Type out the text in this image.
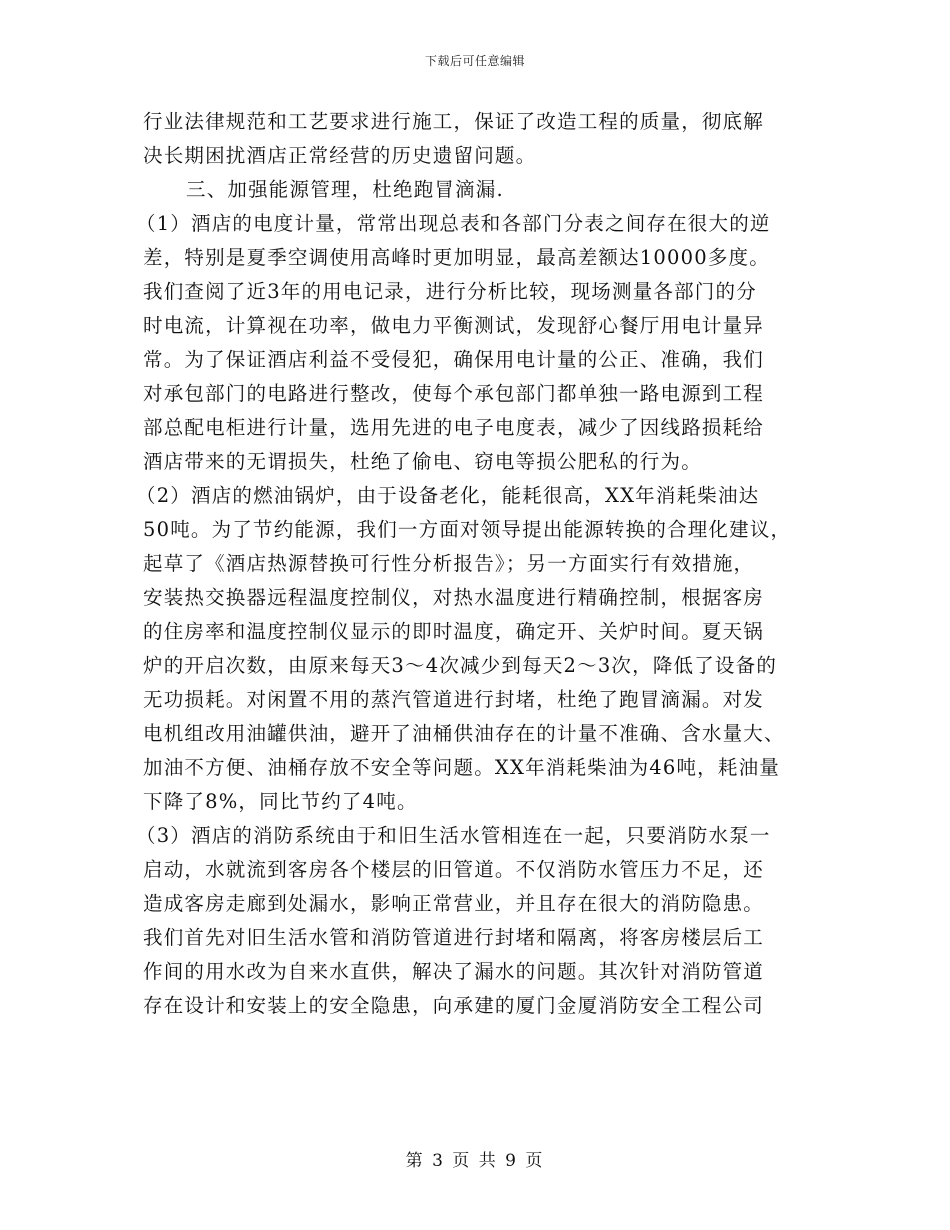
下载后可任意编辑
行业法律规范和工艺要求进行施工，保证了改造工程的质量，彻底解
决长期困扰酒店正常经营的历史遗留问题。
三、加强能源管理，杜绝跑冒滴漏.
（1）酒店的电度计量，常常出现总表和各部门分表之间存在很大的逆
差，特别是夏季空调使用高峰时更加明显，最高差额达10000多度。
我们查阅了近3年的用电记录，进行分析比较，现场测量各部门的分
时电流，计算视在功率，做电力平衡测试，发现舒心餐厅用电计量异
常。为了保证酒店利益不受侵犯，确保用电计量的公正、准确，我们
对承包部门的电路进行整改，使每个承包部门都单独一路电源到工程
部总配电柜进行计量，选用先进的电子电度表，减少了因线路损耗给
酒店带来的无谓损失，杜绝了偷电、窃电等损公肥私的行为。
（2）酒店的燃油锅炉，由于设备老化，能耗很高，XX年消耗柴油达
50吨。为了节约能源，我们一方面对领导提出能源转换的合理化建议，
起草了《酒店热源替换可行性分析报告》；另一方面实行有效措施，
安装热交换器远程温度控制仪，对热水温度进行精确控制，根据客房
的住房率和温度控制仪显示的即时温度，确定开、关炉时间。夏天锅
炉的开启次数，由原来每天3～4次减少到每天2～3次，降低了设备的
无功损耗。对闲置不用的蒸汽管道进行封堵，杜绝了跑冒滴漏。对发
电机组改用油罐供油，避开了油桶供油存在的计量不准确、含水量大、
加油不方便、油桶存放不安全等问题。XX年消耗柴油为46吨，耗油量
下降了8%，同比节约了4吨。
（3）酒店的消防系统由于和旧生活水管相连在一起，只要消防水泵一
启动，水就流到客房各个楼层的旧管道。不仅消防水管压力不足，还
造成客房走廊到处漏水，影响正常营业，并且存在很大的消防隐患。
我们首先对旧生活水管和消防管道进行封堵和隔离，将客房楼层后工
作间的用水改为自来水直供，解决了漏水的问题。其次针对消防管道
存在设计和安装上的安全隐患，向承建的厦门金厦消防安全工程公司
第 3 页 共 9 页
